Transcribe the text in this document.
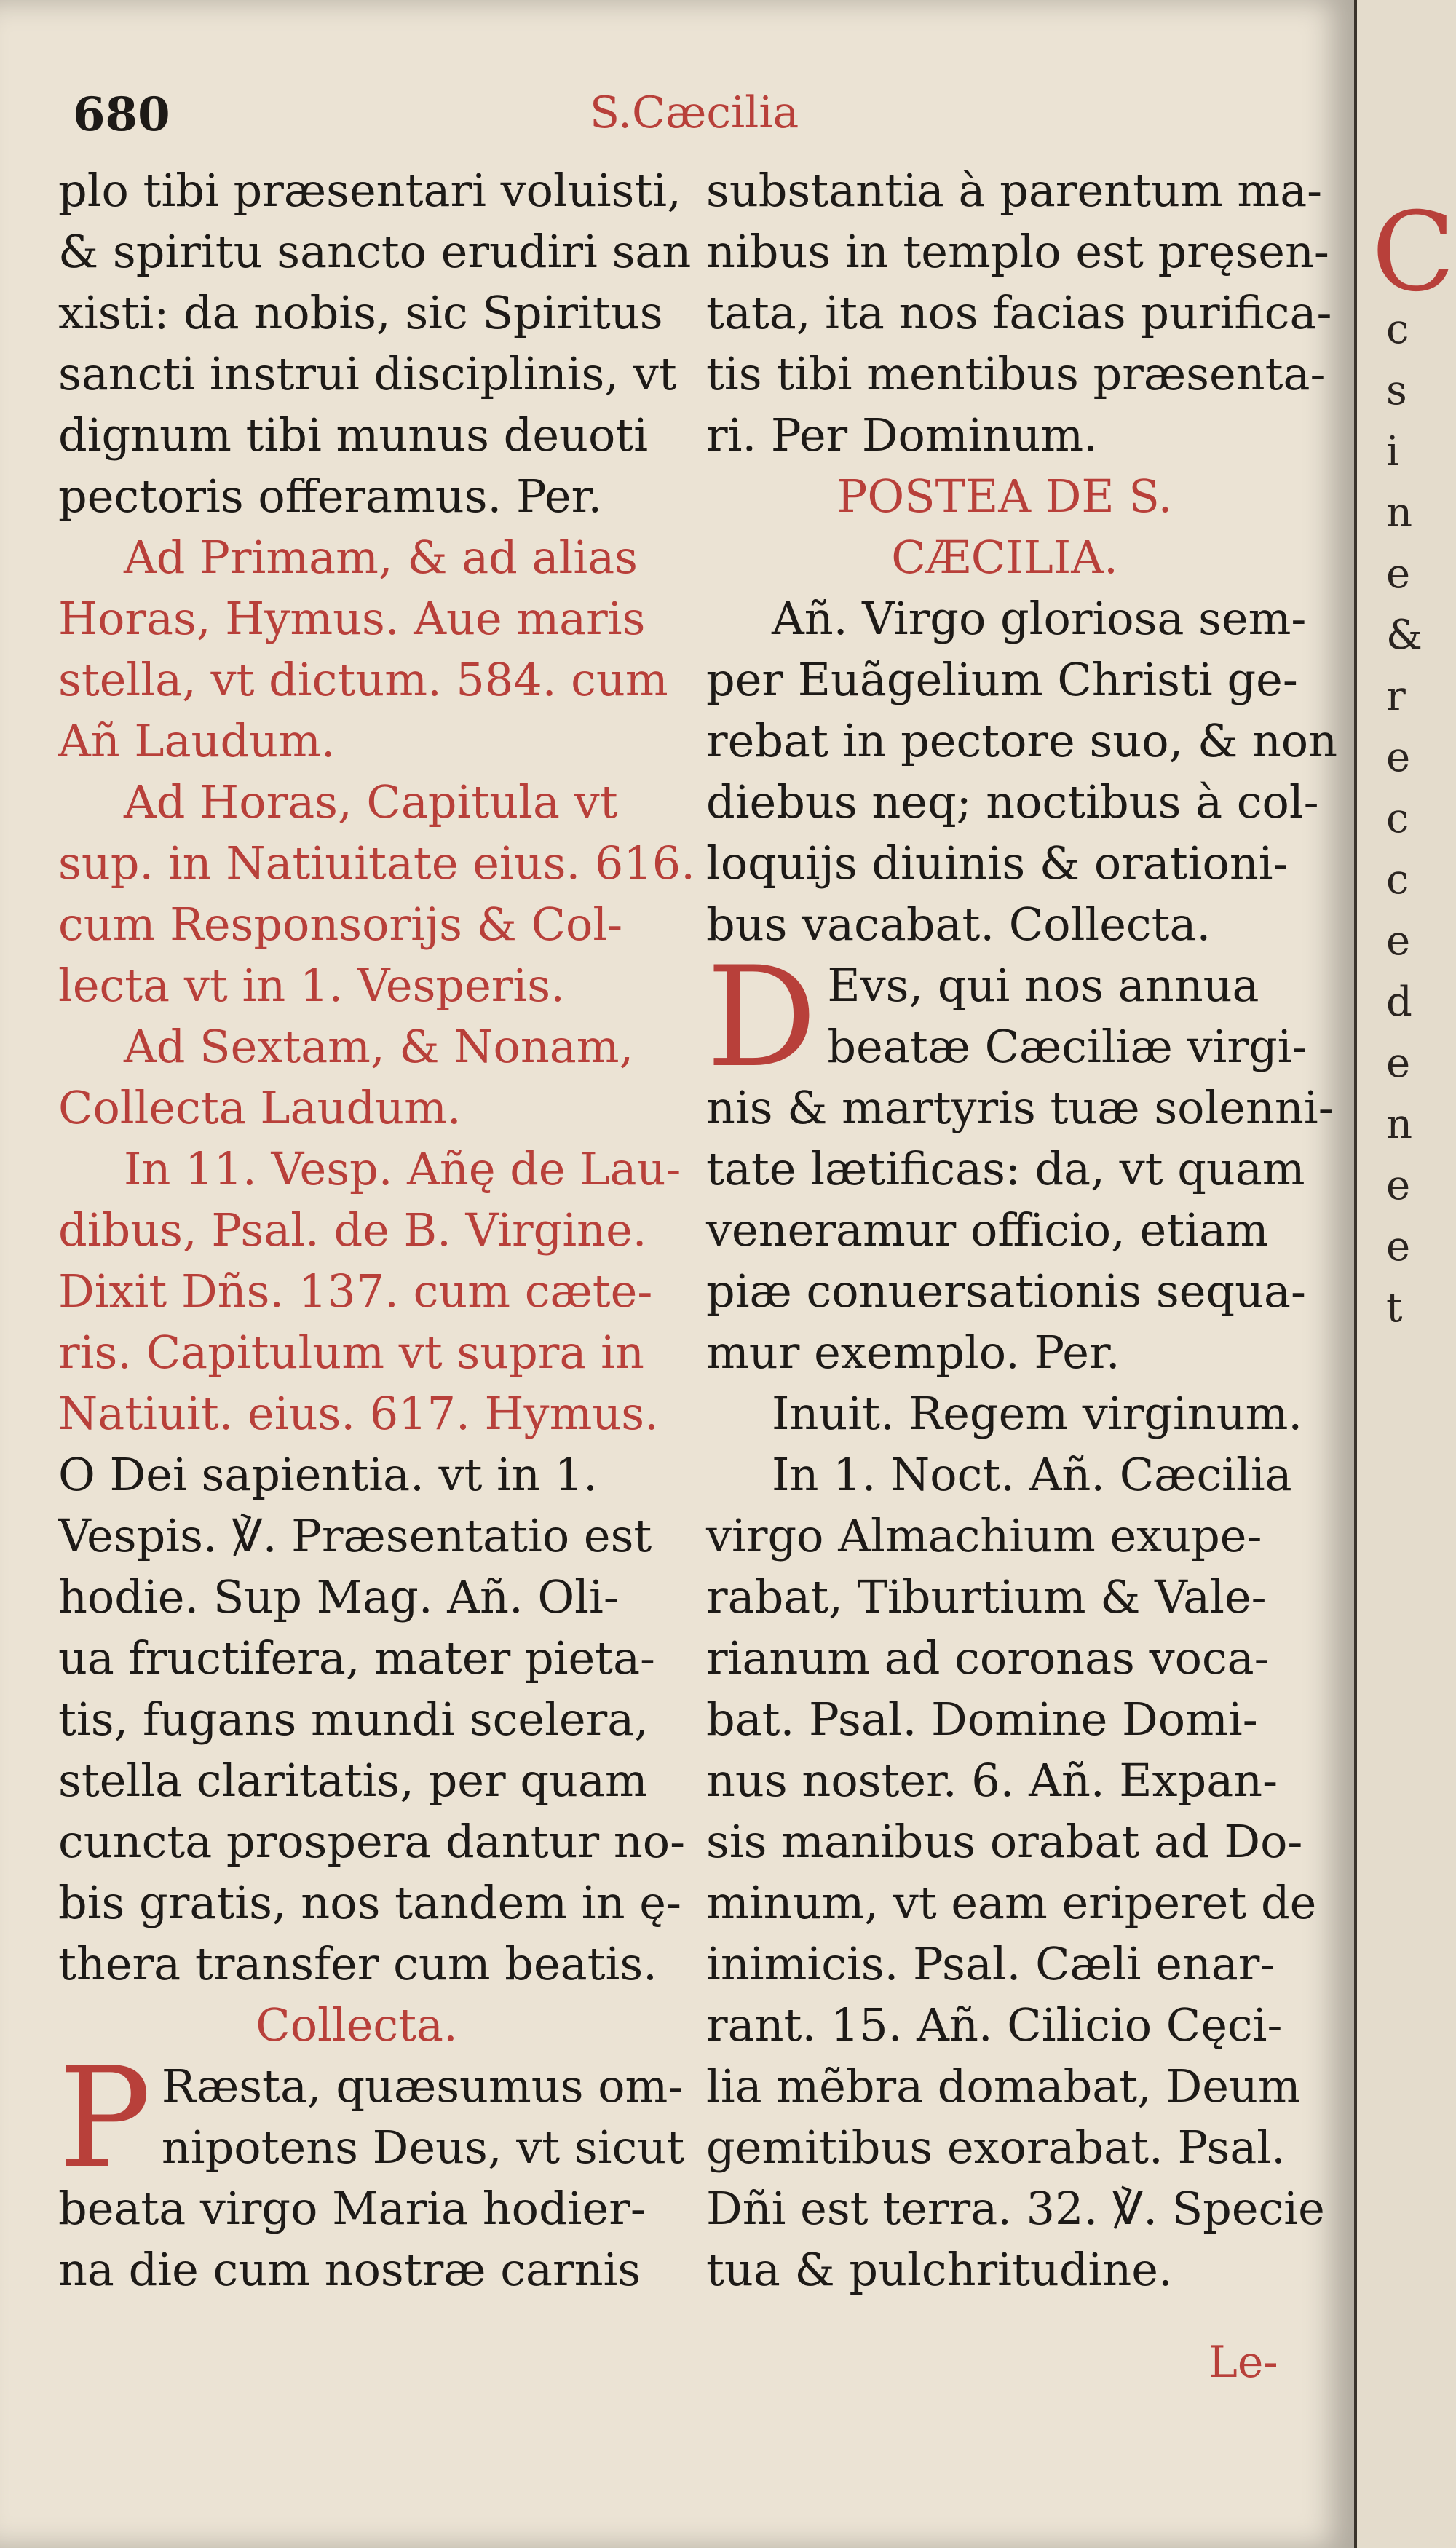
680	S.Cæcilia
plo tibi præsentari voluisti,
& spiritu sancto erudiri san
xisti: da nobis, sic Spiritus
sancti instrui disciplinis, vt
dignum tibi munus deuoti
pectoris offeramus. Per.
Ad Primam, & ad alias
Horas, Hymus. Aue maris
stella, vt dictum. 584. cum
Añ Laudum.
Ad Horas, Capitula vt
sup. in Natiuitate eius. 616.
cum Responsorijs & Col-
lecta vt in 1. Vesperis.
Ad Sextam, & Nonam,
Collecta Laudum.
In 11. Vesp. Añę de Lau-
dibus, Psal. de B. Virgine.
Dixit Dñs. 137. cum cæte-
ris. Capitulum vt supra in
Natiuit. eius. 617. Hymus.
O Dei sapientia. vt in 1.
Vespis. ℣. Præsentatio est
hodie. Sup Mag. Añ. Oli-
ua fructifera, mater pieta-
tis, fugans mundi scelera,
stella claritatis, per quam
cuncta prospera dantur no-
bis gratis, nos tandem in ę-
thera transfer cum beatis.
Collecta.
P Ræsta, quæsumus om-
nipotens Deus, vt sicut
beata virgo Maria hodier-
na die cum nostræ carnis
substantia à parentum ma-
nibus in templo est pręsen-
tata, ita nos facias purifica-
tis tibi mentibus præsenta-
ri. Per Dominum.
POSTEA DE S.
CÆCILIA.
Añ. Virgo gloriosa sem-
per Euãgelium Christi ge-
rebat in pectore suo, & non
diebus neq; noctibus à col-
loquijs diuinis & orationi-
bus vacabat. Collecta.
D Evs, qui nos annua
beatæ Cæciliæ virgi-
nis & martyris tuæ solenni-
tate lætificas: da, vt quam
veneramur officio, etiam
piæ conuersationis sequa-
mur exemplo. Per.
Inuit. Regem virginum.
In 1. Noct. Añ. Cæcilia
virgo Almachium exupe-
rabat, Tiburtium & Vale-
rianum ad coronas voca-
bat. Psal. Domine Domi-
nus noster. 6. Añ. Expan-
sis manibus orabat ad Do-
minum, vt eam eriperet de
inimicis. Psal. Cæli enar-
rant. 15. Añ. Cilicio Cęci-
lia mẽbra domabat, Deum
gemitibus exorabat. Psal.
Dñi est terra. 32. ℣. Specie
tua & pulchritudine.
Le-
C
c
s
i
n
e
&
r
e
c
c
e
d
e
n
e
e
t
